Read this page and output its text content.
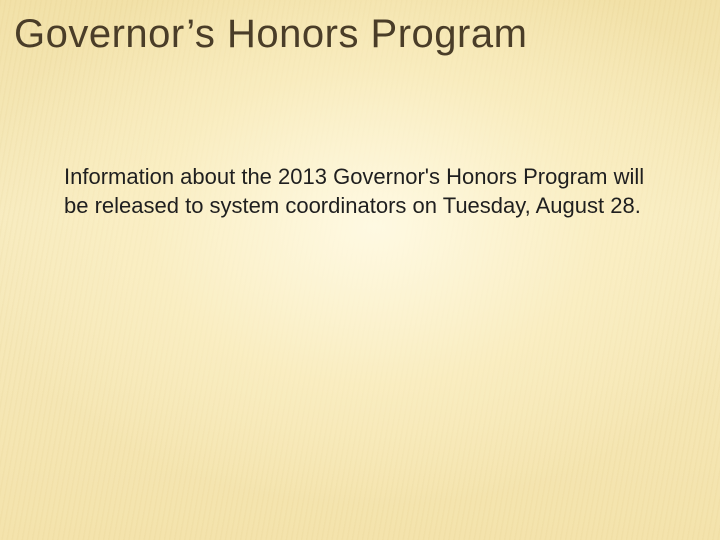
Governor’s Honors Program

Information about the 2013 Governor's Honors Program will be released to system coordinators on Tuesday, August 28.
